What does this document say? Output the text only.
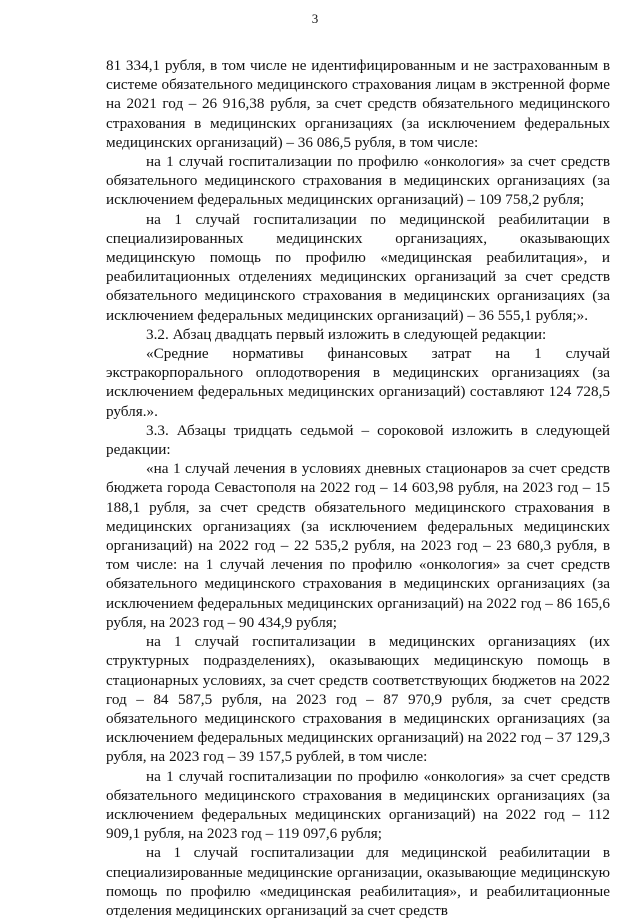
3

81 334,1 рубля, в том числе не идентифицированным и не застрахованным в системе обязательного медицинского страхования лицам в экстренной форме на 2021 год – 26 916,38 рубля, за счет средств обязательного медицинского страхования в медицинских организациях (за исключением федеральных медицинских организаций) – 36 086,5 рубля, в том числе:

на 1 случай госпитализации по профилю «онкология» за счет средств обязательного медицинского страхования в медицинских организациях (за исключением федеральных медицинских организаций) – 109 758,2 рубля;

на 1 случай госпитализации по медицинской реабилитации в специализированных медицинских организациях, оказывающих медицинскую помощь по профилю «медицинская реабилитация», и реабилитационных отделениях медицинских организаций за счет средств обязательного медицинского страхования в медицинских организациях (за исключением федеральных медицинских организаций) – 36 555,1 рубля;».

3.2. Абзац двадцать первый изложить в следующей редакции:

«Средние нормативы финансовых затрат на 1 случай экстракорпорального оплодотворения в медицинских организациях (за исключением федеральных медицинских организаций) составляют 124 728,5 рубля.».

3.3. Абзацы тридцать седьмой – сороковой изложить в следующей редакции:

«на 1 случай лечения в условиях дневных стационаров за счет средств бюджета города Севастополя на 2022 год – 14 603,98 рубля, на 2023 год – 15 188,1 рубля, за счет средств обязательного медицинского страхования в медицинских организациях (за исключением федеральных медицинских организаций) на 2022 год – 22 535,2 рубля, на 2023 год – 23 680,3 рубля, в том числе: на 1 случай лечения по профилю «онкология» за счет средств обязательного медицинского страхования в медицинских организациях (за исключением федеральных медицинских организаций) на 2022 год – 86 165,6 рубля, на 2023 год – 90 434,9 рубля;

на 1 случай госпитализации в медицинских организациях (их структурных подразделениях), оказывающих медицинскую помощь в стационарных условиях, за счет средств соответствующих бюджетов на 2022 год – 84 587,5 рубля, на 2023 год – 87 970,9 рубля, за счет средств обязательного медицинского страхования в медицинских организациях (за исключением федеральных медицинских организаций) на 2022 год – 37 129,3 рубля, на 2023 год – 39 157,5 рублей, в том числе:

на 1 случай госпитализации по профилю «онкология» за счет средств обязательного медицинского страхования в медицинских организациях (за исключением федеральных медицинских организаций) на 2022 год – 112 909,1 рубля, на 2023 год – 119 097,6 рубля;

на 1 случай госпитализации для медицинской реабилитации в специализированные медицинские организации, оказывающие медицинскую помощь по профилю «медицинская реабилитация», и реабилитационные отделения медицинских организаций за счет средств
